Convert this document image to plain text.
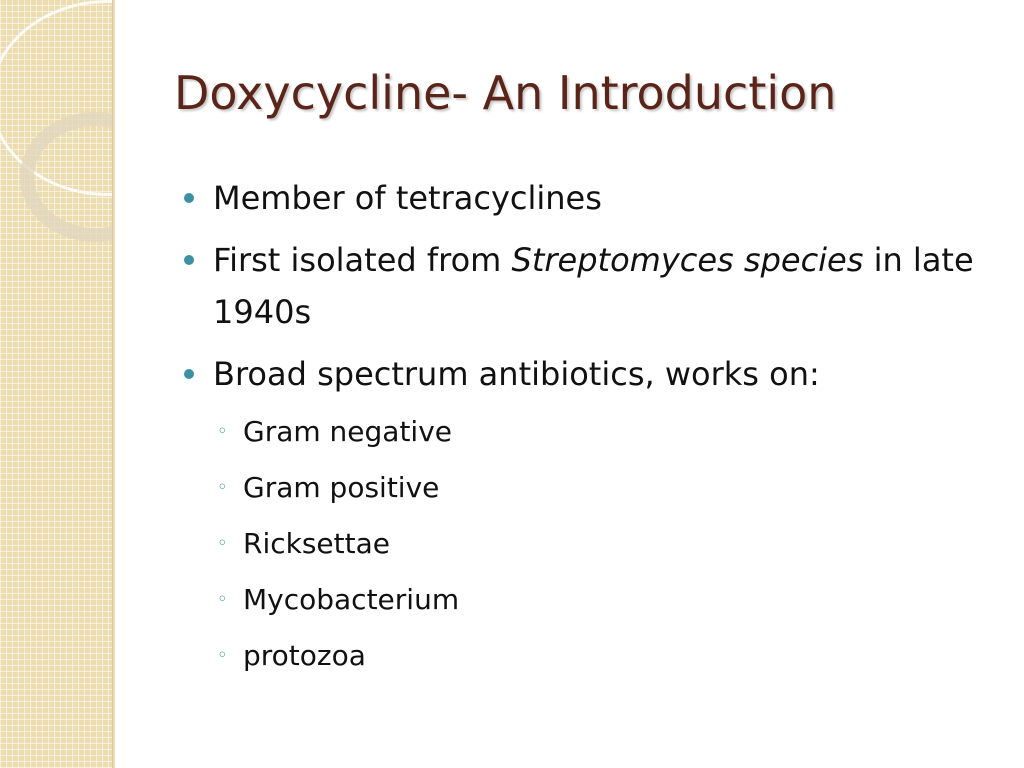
Doxycycline- An Introduction
Member of tetracyclines
First isolated from Streptomyces species in late 1940s
Broad spectrum antibiotics, works on:
◦ Gram negative
◦ Gram positive
◦ Ricksettae
◦ Mycobacterium
◦ protozoa
